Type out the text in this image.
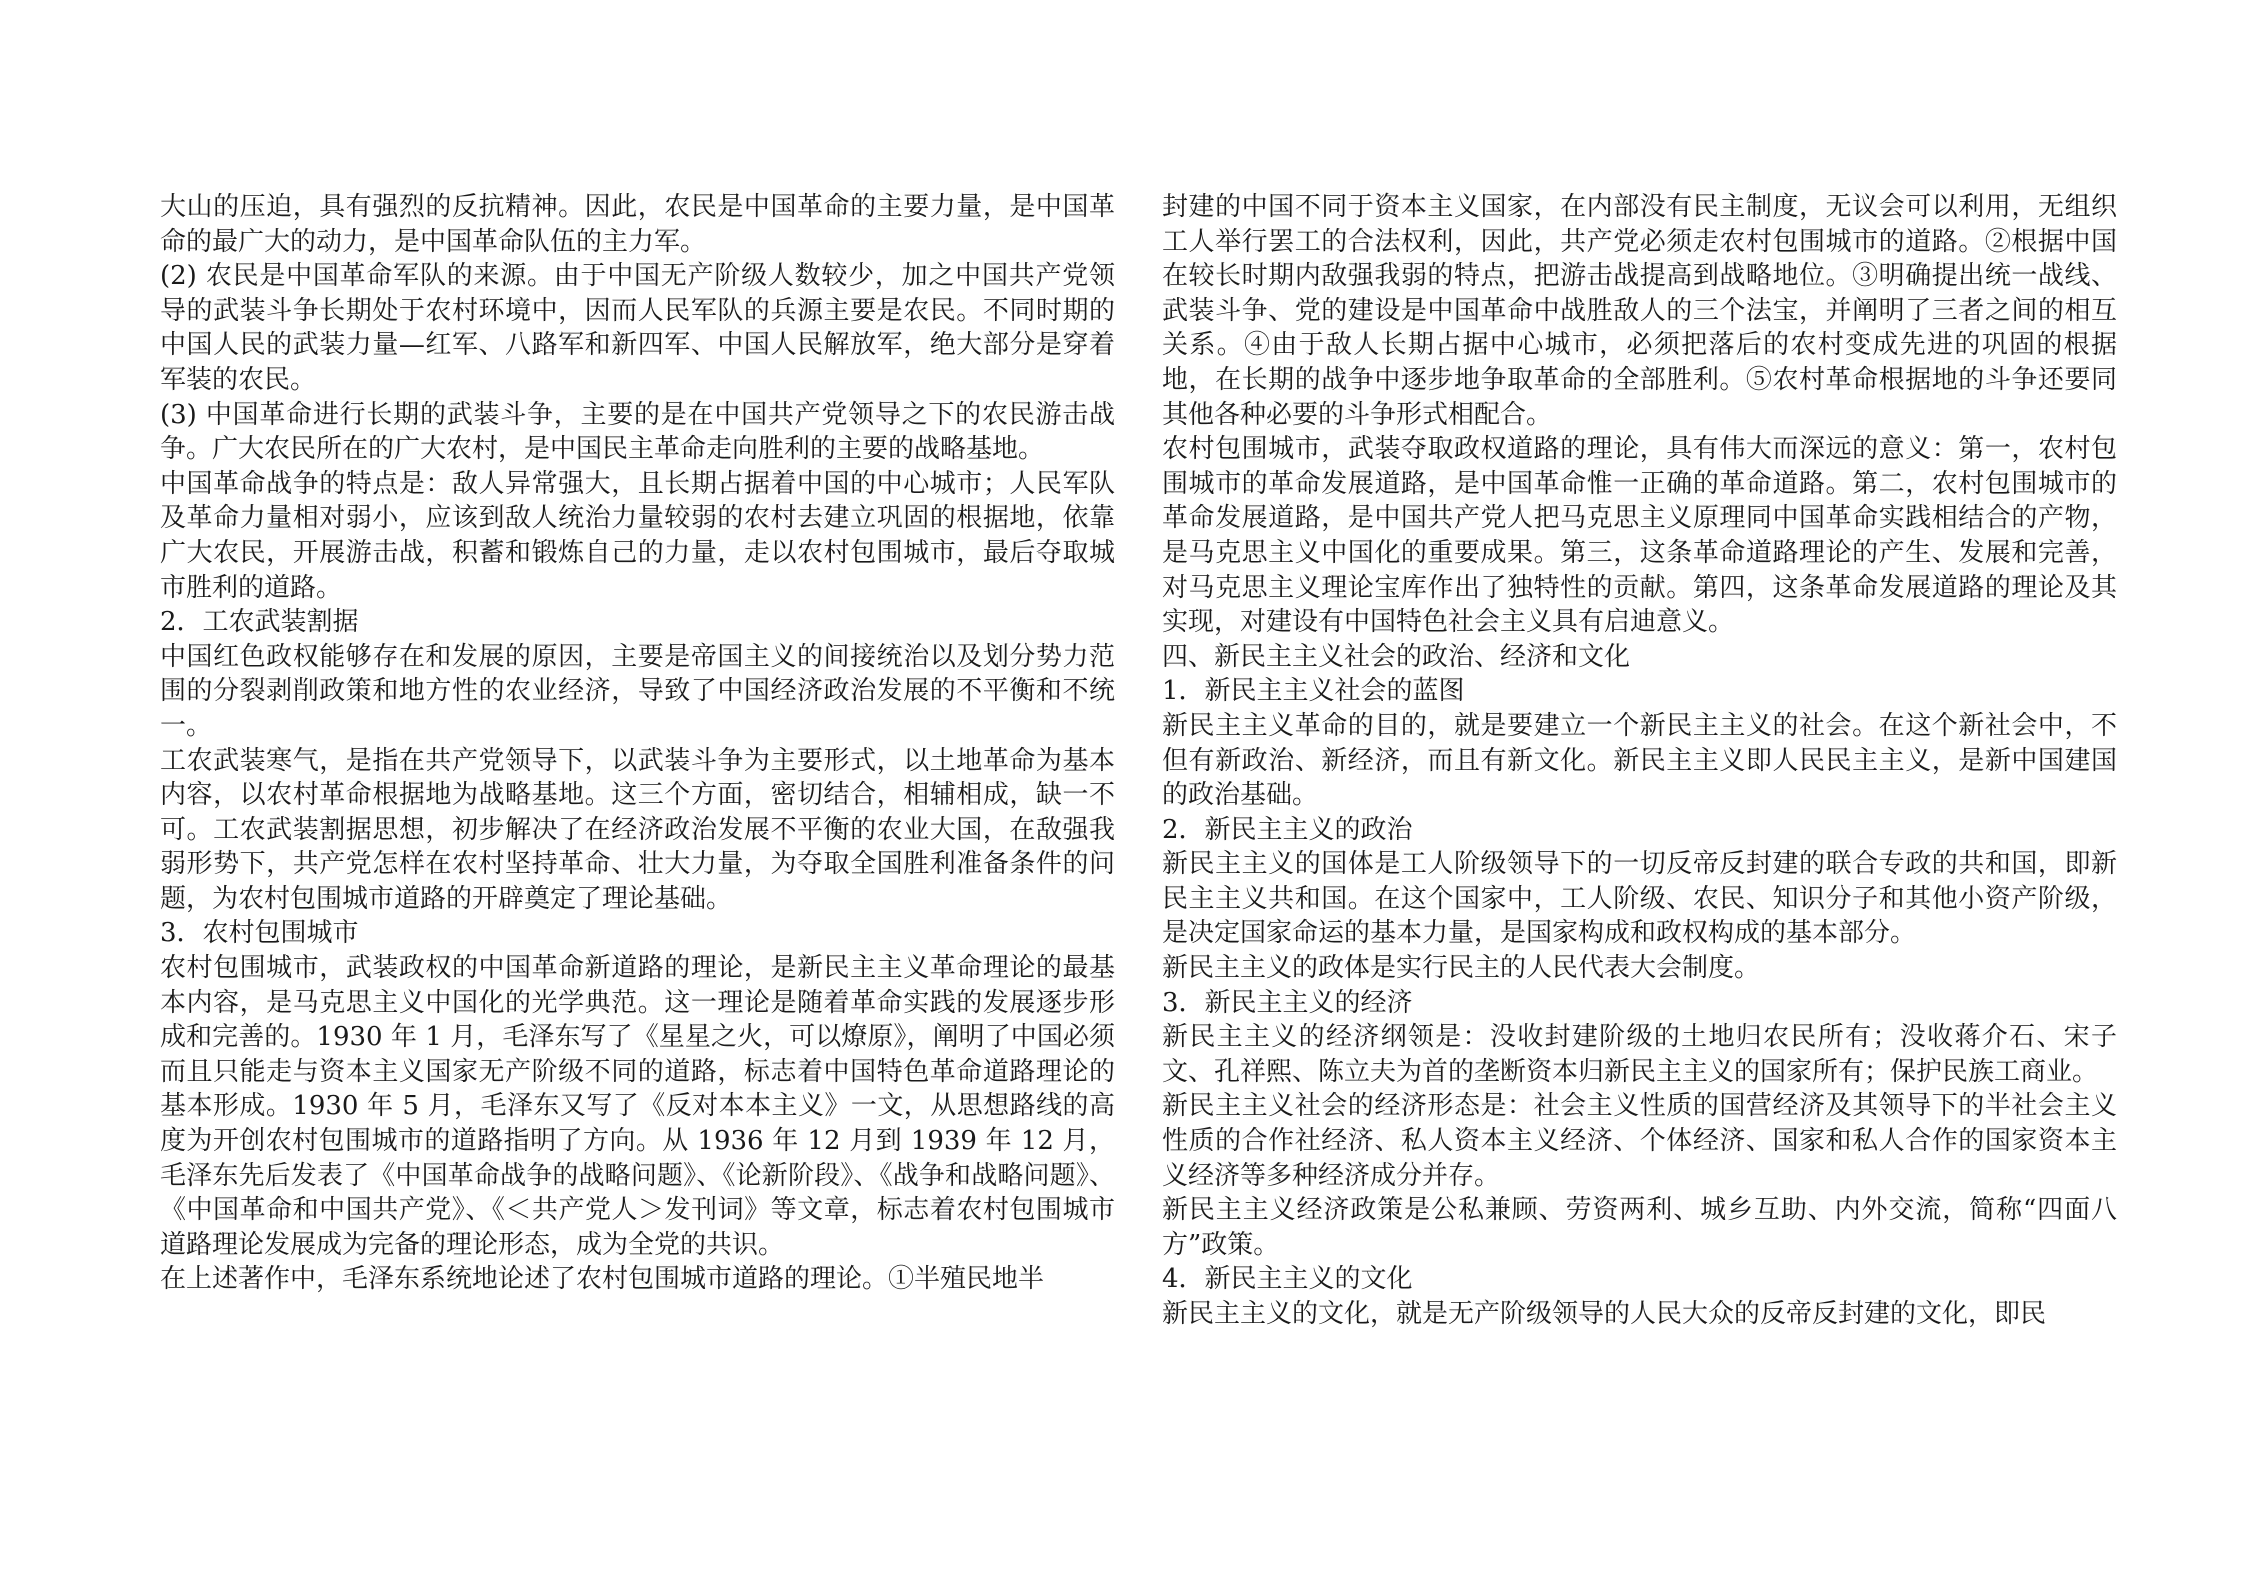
大山的压迫，具有强烈的反抗精神。因此，农民是中国革命的主要力量，是中国革命的最广大的动力，是中国革命队伍的主力军。

(2) 农民是中国革命军队的来源。由于中国无产阶级人数较少，加之中国共产党领导的武装斗争长期处于农村环境中，因而人民军队的兵源主要是农民。不同时期的中国人民的武装力量—红军、八路军和新四军、中国人民解放军，绝大部分是穿着军装的农民。

(3) 中国革命进行长期的武装斗争，主要的是在中国共产党领导之下的农民游击战争。广大农民所在的广大农村，是中国民主革命走向胜利的主要的战略基地。

中国革命战争的特点是：敌人异常强大，且长期占据着中国的中心城市；人民军队及革命力量相对弱小，应该到敌人统治力量较弱的农村去建立巩固的根据地，依靠广大农民，开展游击战，积蓄和锻炼自己的力量，走以农村包围城市，最后夺取城市胜利的道路。

2．工农武装割据

中国红色政权能够存在和发展的原因，主要是帝国主义的间接统治以及划分势力范围的分裂剥削政策和地方性的农业经济，导致了中国经济政治发展的不平衡和不统一。

工农武装寒气，是指在共产党领导下，以武装斗争为主要形式，以土地革命为基本内容，以农村革命根据地为战略基地。这三个方面，密切结合，相辅相成，缺一不可。工农武装割据思想，初步解决了在经济政治发展不平衡的农业大国，在敌强我弱形势下，共产党怎样在农村坚持革命、壮大力量，为夺取全国胜利准备条件的问题，为农村包围城市道路的开辟奠定了理论基础。

3．农村包围城市

农村包围城市，武装政权的中国革命新道路的理论，是新民主主义革命理论的最基本内容，是马克思主义中国化的光学典范。这一理论是随着革命实践的发展逐步形成和完善的。1930 年 1 月，毛泽东写了《星星之火，可以燎原》，阐明了中国必须而且只能走与资本主义国家无产阶级不同的道路，标志着中国特色革命道路理论的基本形成。1930 年 5 月，毛泽东又写了《反对本本主义》一文，从思想路线的高度为开创农村包围城市的道路指明了方向。从 1936 年 12 月到 1939 年 12 月，毛泽东先后发表了《中国革命战争的战略问题》、《论新阶段》、《战争和战略问题》、《中国革命和中国共产党》、《＜共产党人＞发刊词》等文章，标志着农村包围城市道路理论发展成为完备的理论形态，成为全党的共识。

在上述著作中，毛泽东系统地论述了农村包围城市道路的理论。①半殖民地半

封建的中国不同于资本主义国家，在内部没有民主制度，无议会可以利用，无组织工人举行罢工的合法权利，因此，共产党必须走农村包围城市的道路。②根据中国在较长时期内敌强我弱的特点，把游击战提高到战略地位。③明确提出统一战线、武装斗争、党的建设是中国革命中战胜敌人的三个法宝，并阐明了三者之间的相互关系。④由于敌人长期占据中心城市，必须把落后的农村变成先进的巩固的根据地，在长期的战争中逐步地争取革命的全部胜利。⑤农村革命根据地的斗争还要同其他各种必要的斗争形式相配合。

农村包围城市，武装夺取政权道路的理论，具有伟大而深远的意义：第一，农村包围城市的革命发展道路，是中国革命惟一正确的革命道路。第二，农村包围城市的革命发展道路，是中国共产党人把马克思主义原理同中国革命实践相结合的产物，是马克思主义中国化的重要成果。第三，这条革命道路理论的产生、发展和完善，对马克思主义理论宝库作出了独特性的贡献。第四，这条革命发展道路的理论及其实现，对建设有中国特色社会主义具有启迪意义。

四、新民主主义社会的政治、经济和文化

1．新民主主义社会的蓝图

新民主主义革命的目的，就是要建立一个新民主主义的社会。在这个新社会中，不但有新政治、新经济，而且有新文化。新民主主义即人民民主主义，是新中国建国的政治基础。

2．新民主主义的政治

新民主主义的国体是工人阶级领导下的一切反帝反封建的联合专政的共和国，即新民主主义共和国。在这个国家中，工人阶级、农民、知识分子和其他小资产阶级，是决定国家命运的基本力量，是国家构成和政权构成的基本部分。

新民主主义的政体是实行民主的人民代表大会制度。

3．新民主主义的经济

新民主主义的经济纲领是：没收封建阶级的土地归农民所有；没收蒋介石、宋子文、孔祥熙、陈立夫为首的垄断资本归新民主主义的国家所有；保护民族工商业。

新民主主义社会的经济形态是：社会主义性质的国营经济及其领导下的半社会主义性质的合作社经济、私人资本主义经济、个体经济、国家和私人合作的国家资本主义经济等多种经济成分并存。

新民主主义经济政策是公私兼顾、劳资两利、城乡互助、内外交流，简称“四面八方”政策。

4．新民主主义的文化

新民主主义的文化，就是无产阶级领导的人民大众的反帝反封建的文化，即民
